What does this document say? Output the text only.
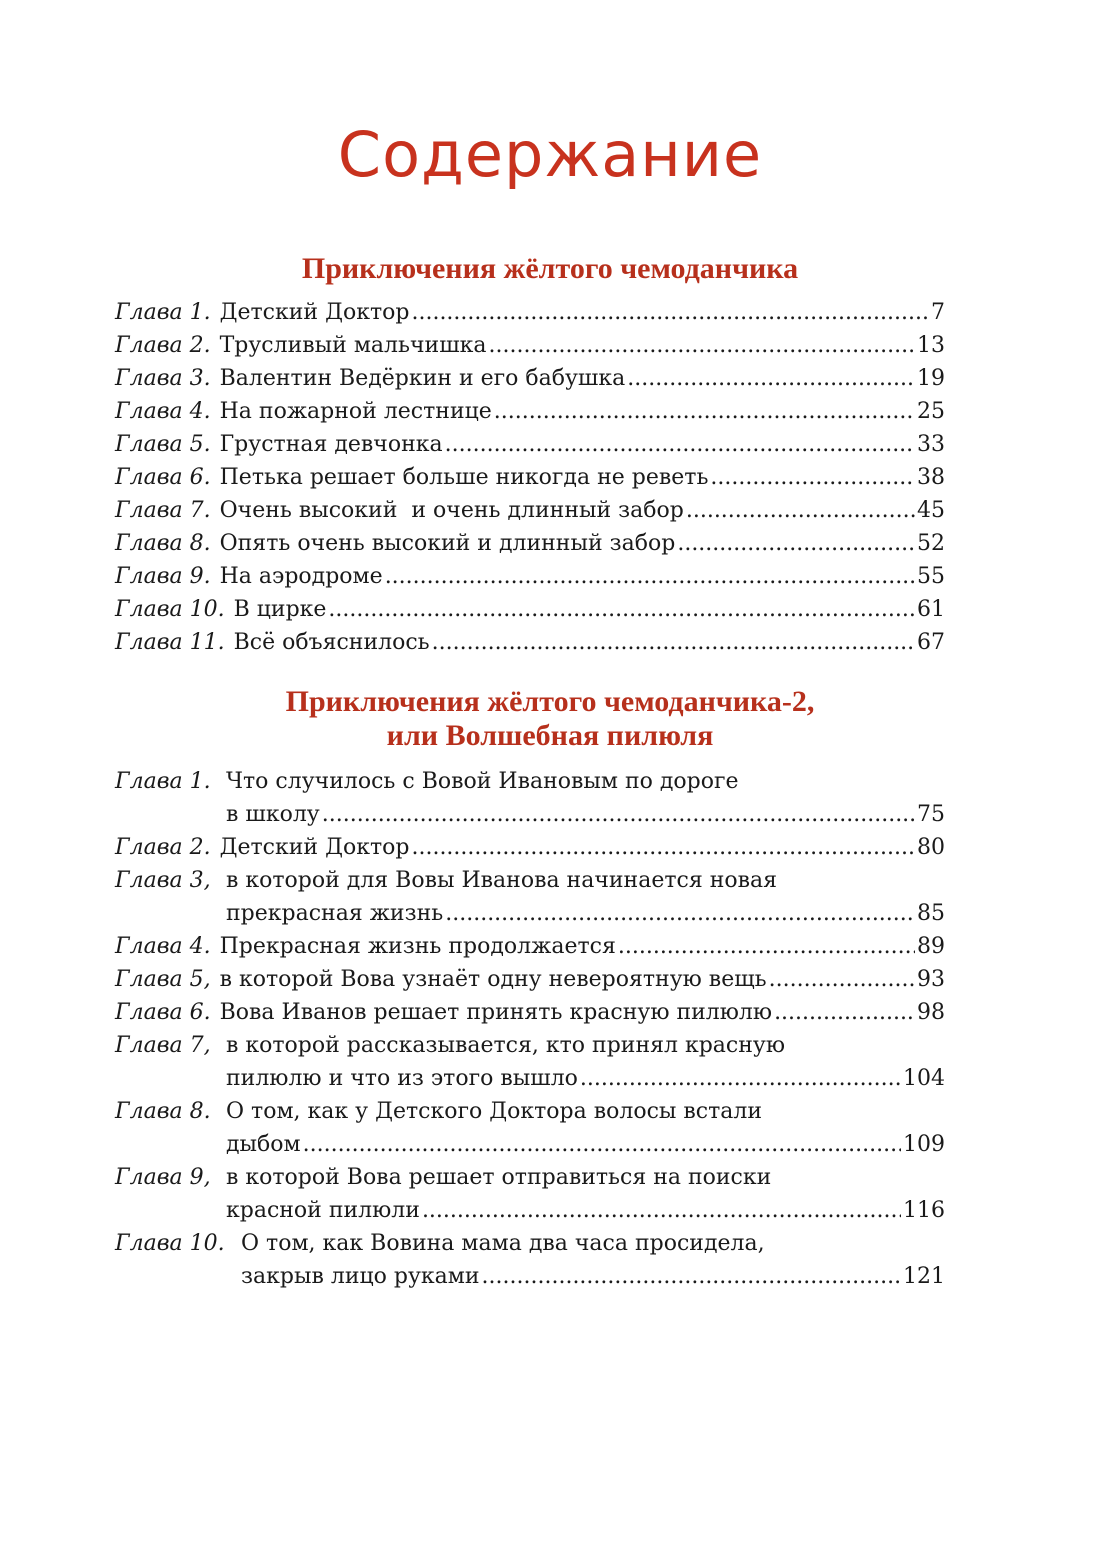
Содержание
Приключения жёлтого чемоданчика
Глава 1. Детский Доктор .....	7
Глава 2. Трусливый мальчишка .....	13
Глава 3. Валентин Ведёркин и его бабушка .....	19
Глава 4. На пожарной лестнице .....	25
Глава 5. Грустная девчонка .....	33
Глава 6. Петька решает больше никогда не реветь .....	38
Глава 7. Очень высокий  и очень длинный забор .....	45
Глава 8. Опять очень высокий и длинный забор .....	52
Глава 9. На аэродроме .....	55
Глава 10. В цирке .....	61
Глава 11. Всё объяснилось .....	67
Приключения жёлтого чемоданчика-2,
или Волшебная пилюля
Глава 1. Что случилось с Вовой Ивановым по дороге
в школу .....	75
Глава 2. Детский Доктор .....	80
Глава 3, в которой для Вовы Иванова начинается новая
прекрасная жизнь .....	85
Глава 4. Прекрасная жизнь продолжается .....	89
Глава 5, в которой Вова узнаёт одну невероятную вещь .....	93
Глава 6. Вова Иванов решает принять красную пилюлю .....	98
Глава 7, в которой рассказывается, кто принял красную
пилюлю и что из этого вышло .....	104
Глава 8. О том, как у Детского Доктора волосы встали
дыбом .....	109
Глава 9, в которой Вова решает отправиться на поиски
красной пилюли .....	116
Глава 10. О том, как Вовина мама два часа просидела,
закрыв лицо руками .....	121
